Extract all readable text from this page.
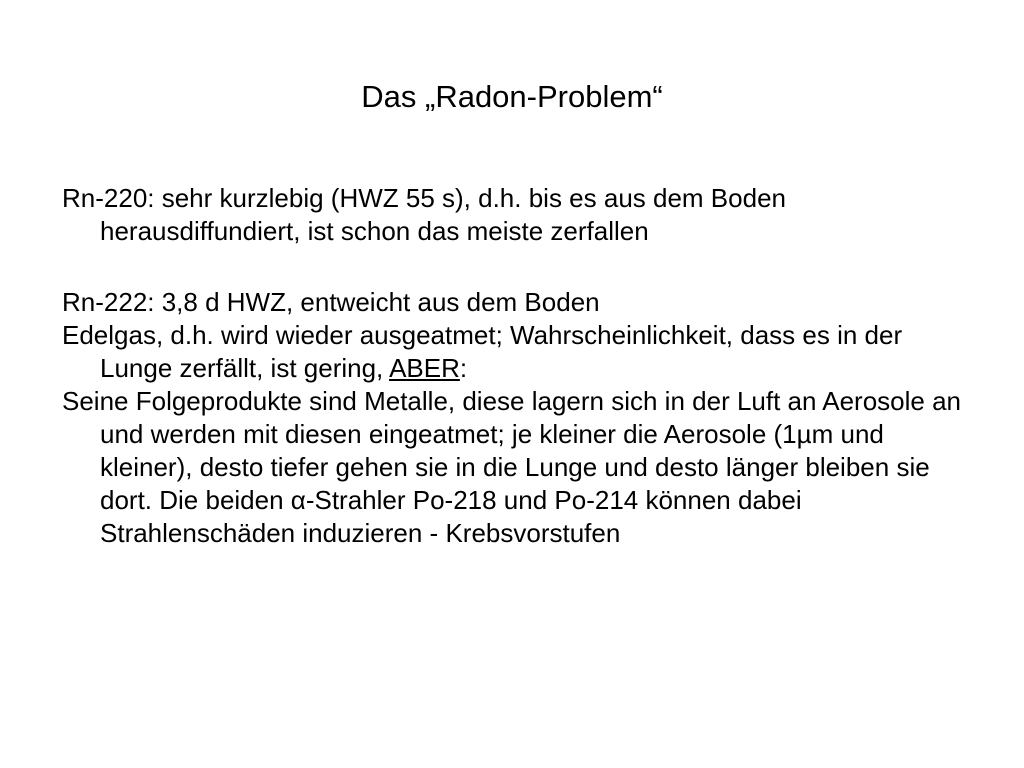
Das „Radon-Problem“

Rn-220: sehr kurzlebig (HWZ 55 s), d.h. bis es aus dem Boden herausdiffundiert, ist schon das meiste zerfallen

Rn-222: 3,8 d HWZ, entweicht aus dem Boden

Edelgas, d.h. wird wieder ausgeatmet; Wahrscheinlichkeit, dass es in der Lunge zerfällt, ist gering, ABER:

Seine Folgeprodukte sind Metalle, diese lagern sich in der Luft an Aerosole an und werden mit diesen eingeatmet; je kleiner die Aerosole (1µm und kleiner), desto tiefer gehen sie in die Lunge und desto länger bleiben sie dort. Die beiden α-Strahler Po-218 und Po-214 können dabei Strahlenschäden induzieren - Krebsvorstufen
